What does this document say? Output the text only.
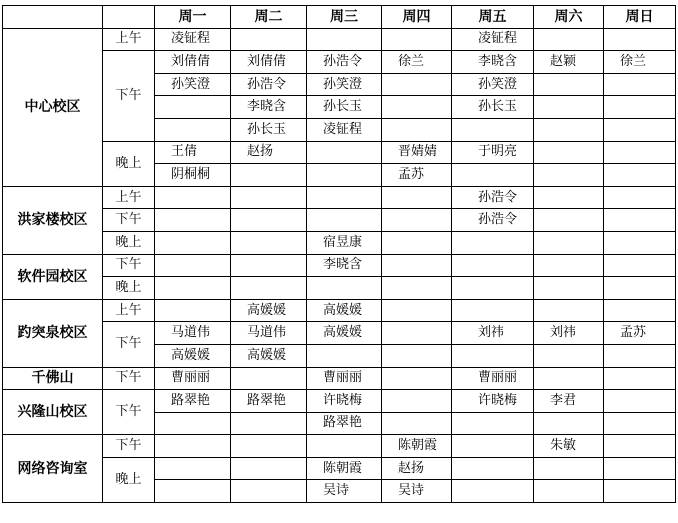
		周一	周二	周三	周四	周五	周六	周日
中心校区	上午	凌钲程				凌钲程		
	下午	刘倩倩	刘倩倩	孙浩令	徐兰	李晓含	赵颖	徐兰
		孙笑澄	孙浩令	孙笑澄		孙笑澄		
			李晓含	孙长玉		孙长玉		
			孙长玉	凌钲程				
	晚上	王倩	赵扬		晋婧婧	于明亮		
		阴桐桐			孟苏			
洪家楼校区	上午					孙浩令		
	下午					孙浩令		
	晚上			宿昱康				
软件园校区	下午			李晓含				
	晚上							
趵突泉校区	上午		高媛媛	高媛媛				
	下午	马道伟	马道伟	高媛媛		刘祎	刘祎	孟苏
		高媛媛	高媛媛					
千佛山	下午	曹丽丽		曹丽丽		曹丽丽		
兴隆山校区	下午	路翠艳	路翠艳	许晓梅		许晓梅	李君	
				路翠艳				
网络咨询室	下午				陈朝霞		朱敏	
	晚上			陈朝霞	赵扬			
				吴诗	吴诗			
